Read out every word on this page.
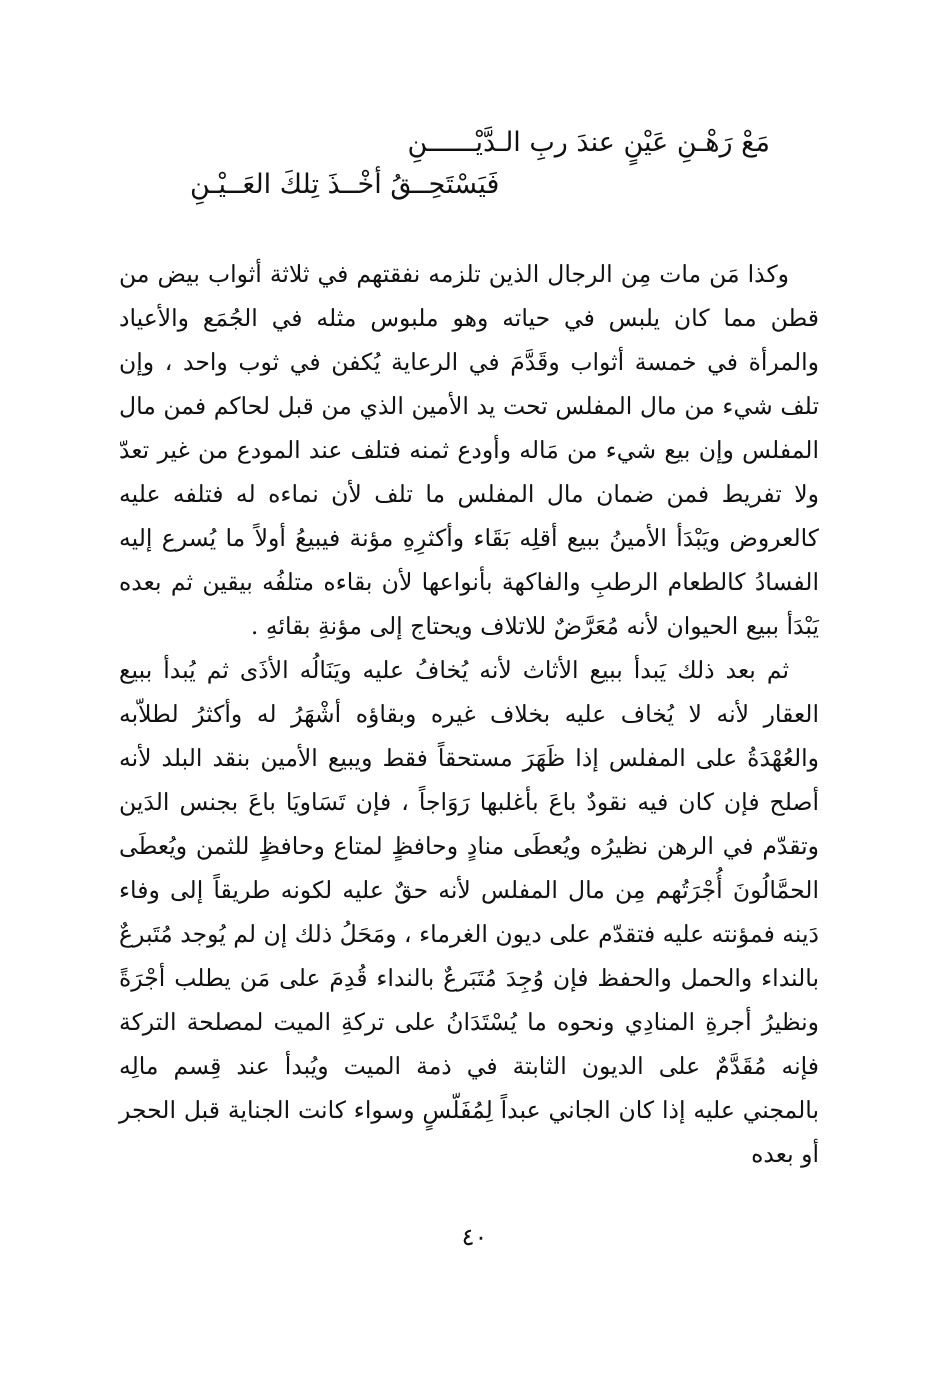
مَعْ رَهْـنِ عَيْنٍ عندَ ربِ الـدَّيْــــــنِ
فَيَسْتَحِــقُ أخْــذَ تِلكَ العَــيْـنِ

وكذا مَن مات مِن الرجال الذين تلزمه نفقتهم في ثلاثة أثواب بيض من قطن مما كان يلبس في حياته وهو ملبوس مثله في الجُمَع والأعياد والمرأة في خمسة أثواب وقَدَّمَ في الرعاية يُكفن في ثوب واحد ، وإن تلف شيء من مال المفلس تحت يد الأمين الذي من قبل لحاكم فمن مال المفلس وإن بيع شيء من مَاله وأودع ثمنه فتلف عند المودع من غير تعدّ ولا تفريط فمن ضمان مال المفلس ما تلف لأن نماءه له فتلفه عليه كالعروض ويَبْدَأ الأمينُ ببيع أقلِه بَقَاء وأكثرِهِ مؤنة فيبيعُ أولاً ما يُسرع إليه الفسادُ كالطعام الرطبِ والفاكهة بأنواعها لأن بقاءه متلفُه بيقين ثم بعده يَبْدَأ ببيع الحيوان لأنه مُعَرَّضٌ للاتلاف ويحتاج إلى مؤنةِ بقائهِ .

ثم بعد ذلك يَبدأ ببيع الأثاث لأنه يُخافُ عليه ويَنَالُه الأذَى ثم يُبدأ ببيع العقار لأنه لا يُخاف عليه بخلاف غيره وبقاؤه أشْهَرُ له وأكثرُ لطلاّبه والعُهْدَةُ على المفلس إذا ظَهَرَ مستحقاً فقط ويبيع الأمين بنقد البلد لأنه أصلح فإن كان فيه نقودٌ باعَ بأغلبها رَوَاجاً ، فإن تَسَاويَا باعَ بجنس الدَين وتقدّم في الرهن نظيرُه ويُعطَى منادٍ وحافظٍ لمتاع وحافظٍ للثمن ويُعطَى الحمَّالُونَ أُجْرَتُهم مِن مال المفلس لأنه حقٌ عليه لكونه طريقاً إلى وفاء دَينه فمؤنته عليه فتقدّم على ديون الغرماء ، ومَحَلُ ذلك إن لم يُوجد مُتَبرعٌ بالنداء والحمل والحفظ فإن وُجِدَ مُتَبَرعٌ بالنداء قُدِمَ على مَن يطلب أجْرَةً ونظيرُ أجرةِ المنادِي ونحوه ما يُسْتَدَانُ على تركةِ الميت لمصلحة التركة فإنه مُقَدَّمٌ على الديون الثابتة في ذمة الميت ويُبدأ عند قِسم مالِه بالمجني عليه إذا كان الجاني عبداً لِمُفَلّسٍ وسواء كانت الجناية قبل الحجر أو بعده

٤٠
